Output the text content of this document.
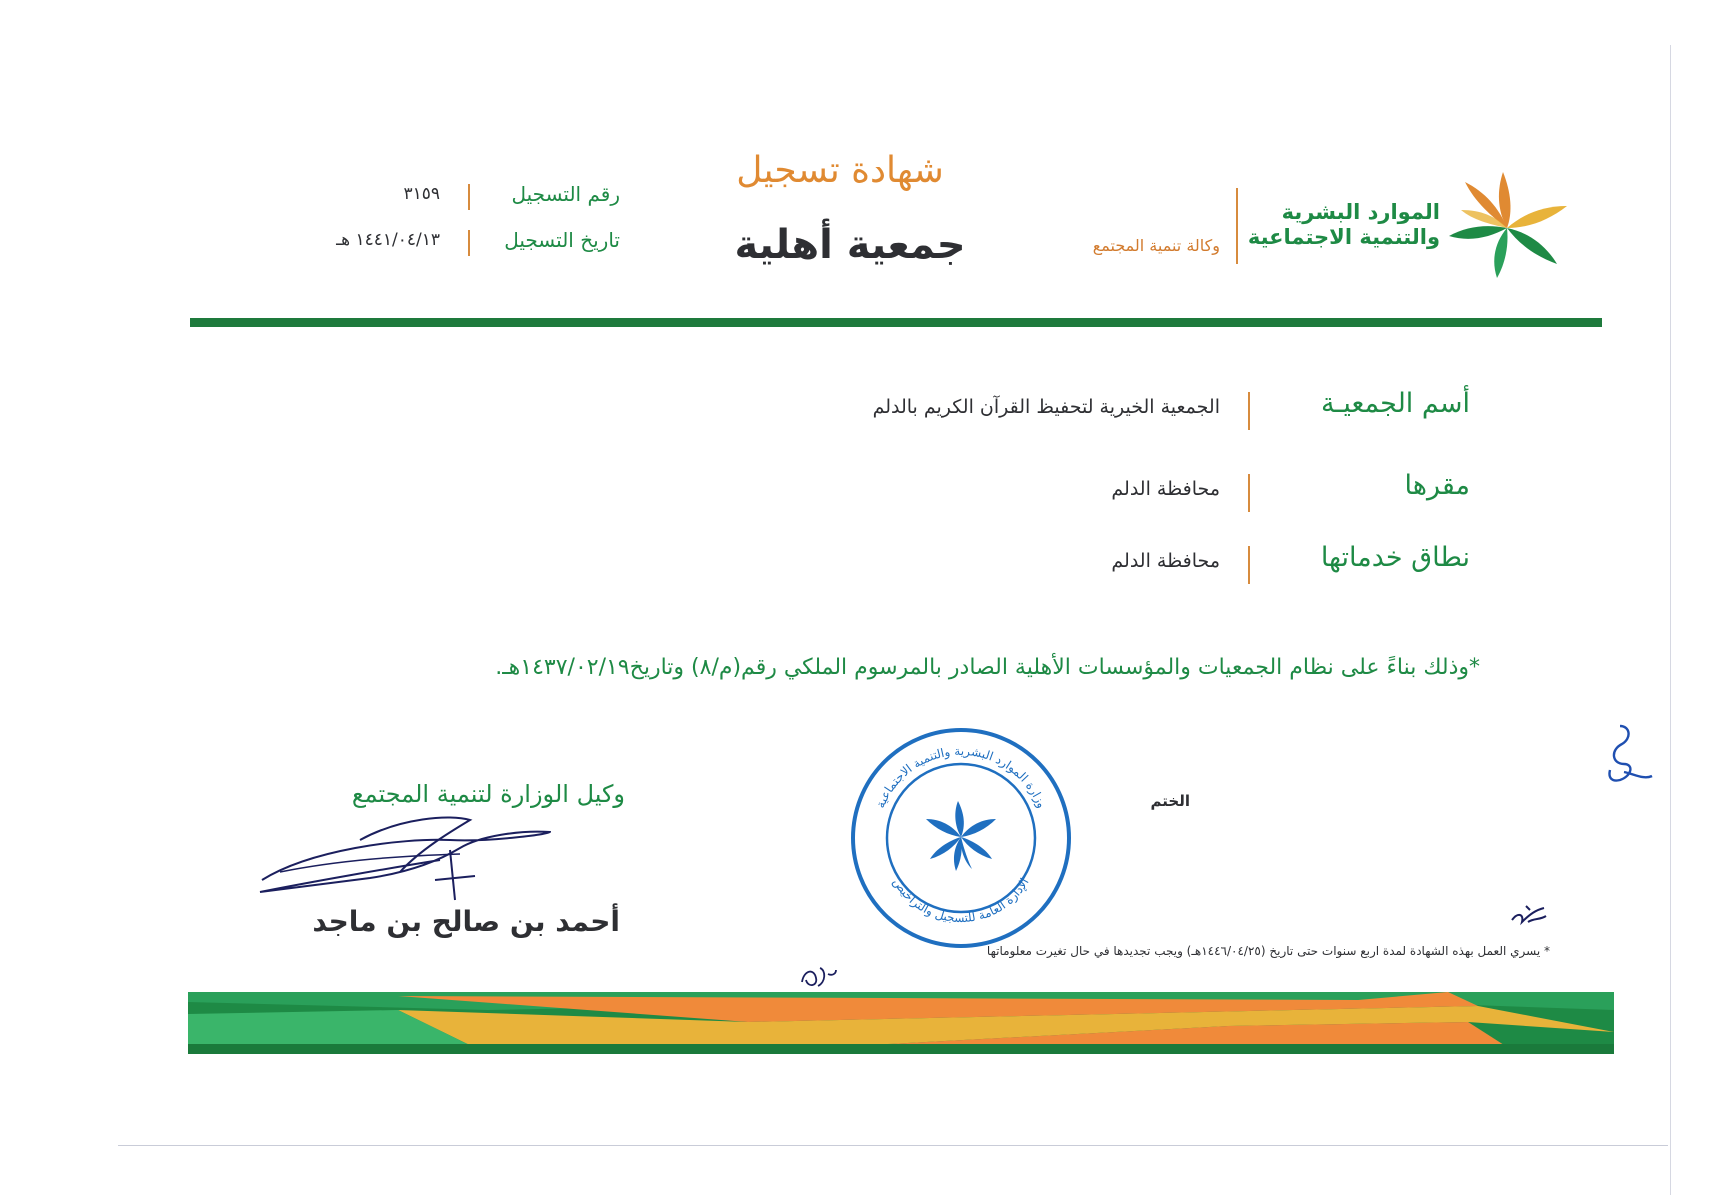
الموارد البشرية
والتنمية الاجتماعية
وكالة تنمية المجتمع
شهادة تسجيل
جمعية أهلية
رقم التسجيل
٣١٥٩
تاريخ التسجيل
١٤٤١/٠٤/١٣ هـ
أسم الجمعيـة
الجمعية الخيرية لتحفيظ القرآن الكريم بالدلم
مقرها
محافظة الدلم
نطاق خدماتها
محافظة الدلم
*وذلك بناءً على نظام الجمعيات والمؤسسات الأهلية الصادر بالمرسوم الملكي رقم(م/٨) وتاريخ١٤٣٧/٠٢/١٩هـ.
وكيل الوزارة لتنمية المجتمع
أحمد بن صالح بن ماجد
الختم
وزارة الموارد البشرية والتنمية الاجتماعية
الإدارة العامة للتسجيل والتراخيص
* يسري العمل بهذه الشهادة لمدة اربع سنوات حتى تاريخ (١٤٤٦/٠٤/٢٥هـ) ويجب تجديدها في حال تغيرت معلوماتها
